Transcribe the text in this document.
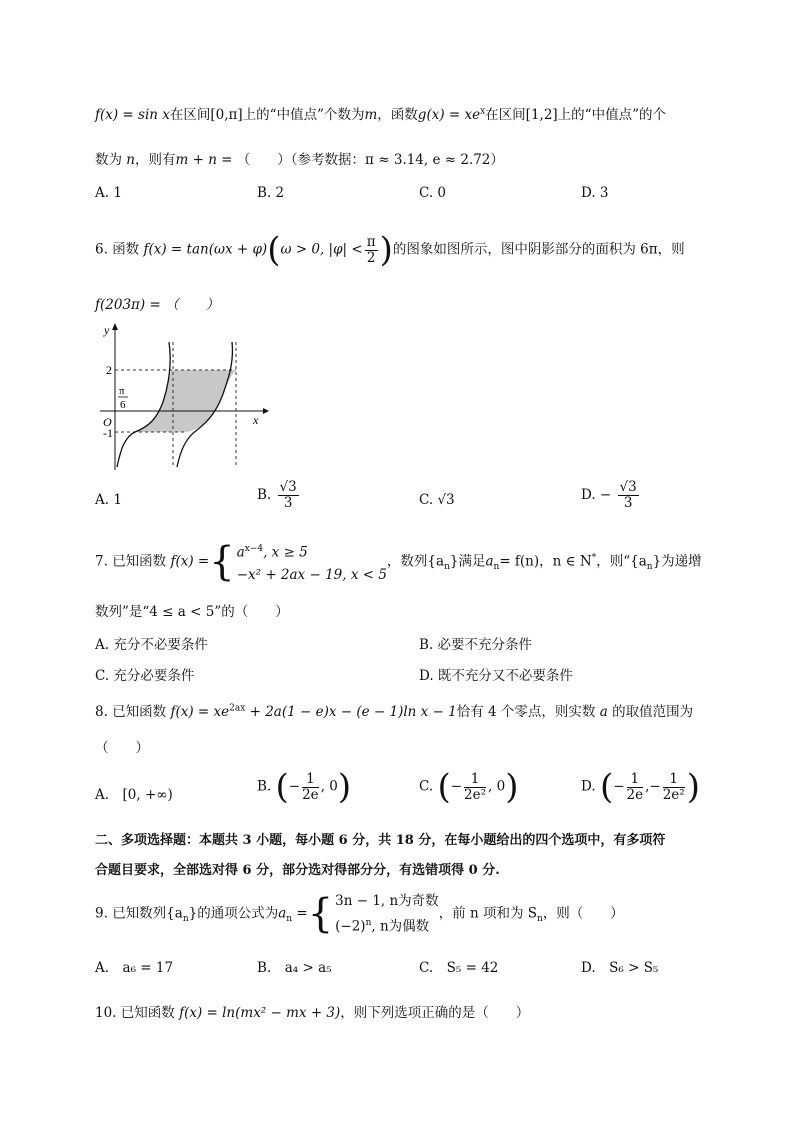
f(x) = sin x在区间[0,π]上的“中值点”个数为m，函数$g(x) = xe^x$在区间[1,2]上的“中值点”的个
数为 n，则有m + n = （　　）（参考数据：π ≈ 3.14, e ≈ 2.72）
A. 1	B. 2	C. 0	D. 3
6. 函数 f(x) = tan(ωx + φ)(ω > 0, $|\varphi| < \frac{\pi}{2}$ )的图象如图所示，图中阴影部分的面积为 6π，则
f(203π) = （　　）
y
x
O
2
π
6
-1
A. 1	B. $\frac{√3}{3}$	C. √3	D. − $\frac{√3}{3}$
7. 已知函数 f(x) ={ $a^{x-4}$, x ≥ 5
−x² + 2ax − 19, x < 5
，数列$\{a_n\}$满足$a_n= f(n)$，n ∈ N*，则“$\{a_n\}$为递增
数列”是“4 ≤ a < 5”的（　　）
A. 充分不必要条件	B. 必要不充分条件
C. 充分必要条件	D. 既不充分又不必要条件
8. 已知函数 $f(x) = xe^{2ax} + 2a(1 - e)x - (e - 1)\ln$ x − 1恰有 4 个零点，则实数 a 的取值范围为
（　　）
A.　[0, +∞)
B. (− $\frac{1}{2e}$ , 0)	C. (− $\frac{1}{\text{2e²}}$ , 0)	D. (− $\frac{1}{2e}$ ,− $\frac{1}{\text{2e²}}$ )
二、多项选择题：本题共 3 小题，每小题 6 分，共 18 分，在每小题给出的四个选项中，有多项符
合题目要求，全部选对得 6 分，部分选对得部分分，有选错项得 0 分.
9. 已知数列$\{a_n\}$的通项公式为$a_n$ ={ 3n − 1, n为奇数
$(-2)^n$, n为偶数
，前 n 项和为 $S_n$，则（　　）
A.　a₆ = 17	B.　a₄ > a₅	C.　S₅ = 42	D.　S₆ > S₅
10. 已知函数 f(x) = ln(mx² − mx + 3)，则下列选项正确的是（　　）
